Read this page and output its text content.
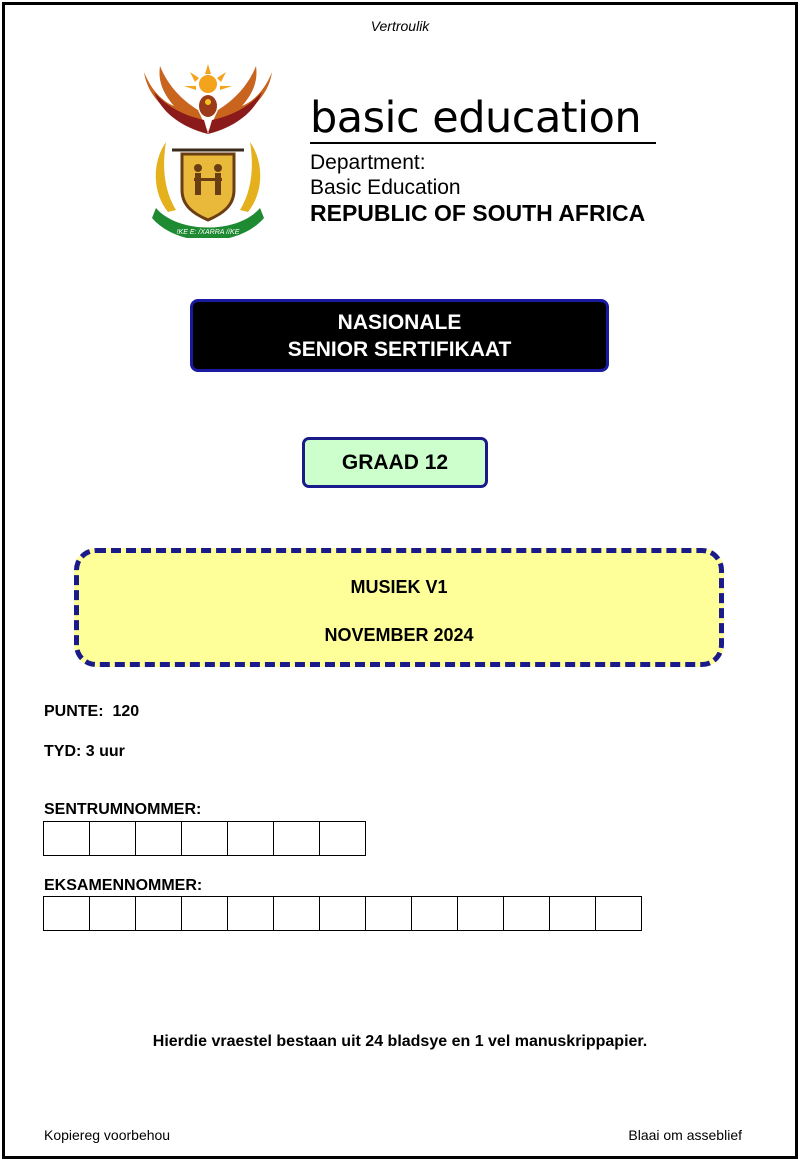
Vertroulik
!KE E: /XARRA //KE
basic education
Department:
Basic Education
REPUBLIC OF SOUTH AFRICA
NASIONALE
SENIOR SERTIFIKAAT
GRAAD 12
MUSIEK V1
NOVEMBER 2024
PUNTE:  120
TYD: 3 uur
SENTRUMNOMMER:
EKSAMENNOMMER:
Hierdie vraestel bestaan uit 24 bladsye en 1 vel manuskrippapier.
Kopiereg voorbehou	Blaai om asseblief
